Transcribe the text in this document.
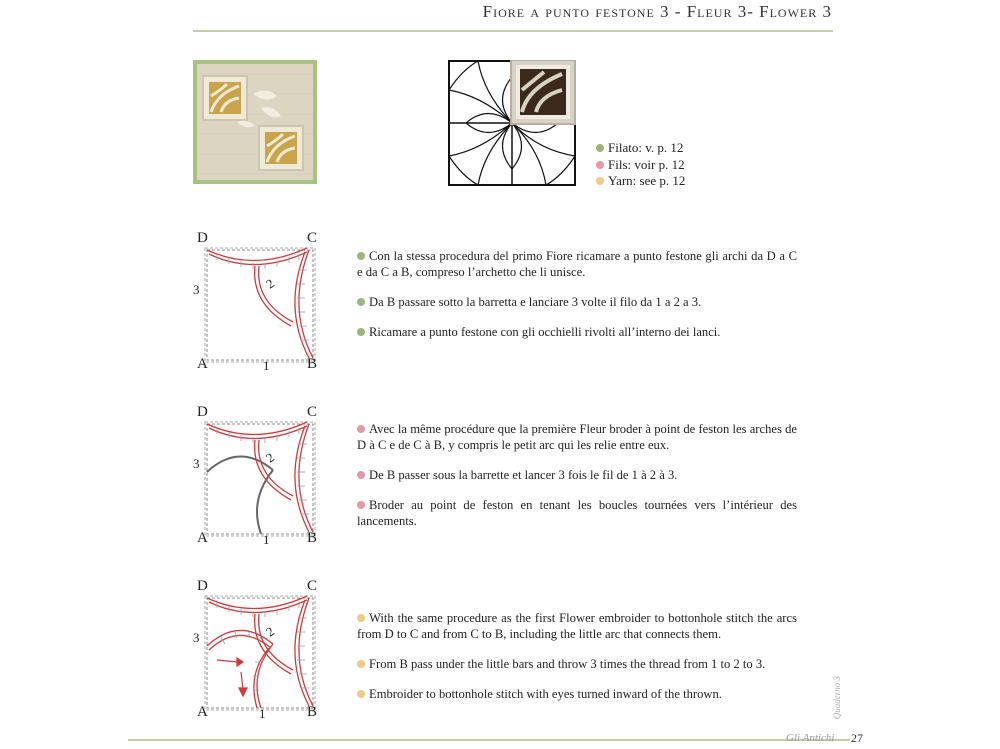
Fiore a punto festone 3 - Fleur 3- Flower 3
Filato: v. p. 12
Fils: voir p. 12
Yarn: see p. 12
D	C
A	B
1
2
3

Con la stessa procedura del primo Fiore ricamare a punto festone gli archi da D a C e da C a B, compreso l’archetto che li unisce.

Da B passare sotto la barretta e lanciare 3 volte il filo da 1 a 2 a 3.

Ricamare a punto festone con gli occhielli rivolti all’interno dei lanci.

D	C
A	B
1
2
3

Avec la même procédure que la première Fleur broder à point de feston les arches de D à C e de C à B, y compris le petit arc qui les relie entre eux.

De B passer sous la barrette et lancer 3 fois le fil de 1 à 2 à 3.

Broder au point de feston en tenant les boucles tournées vers l’intérieur des lancements.

D	C
A	B
1
2
3

With the same procedure as the first Flower embroider to bottonhole stitch the arcs from D to C and from C to B, including the little arc that connects them.

From B pass under the little bars and throw 3 times the thread from 1 to 2 to 3.

Embroider to bottonhole stitch with eyes turned inward of the thrown.	Quaderno 3
Gli Antichi 27
